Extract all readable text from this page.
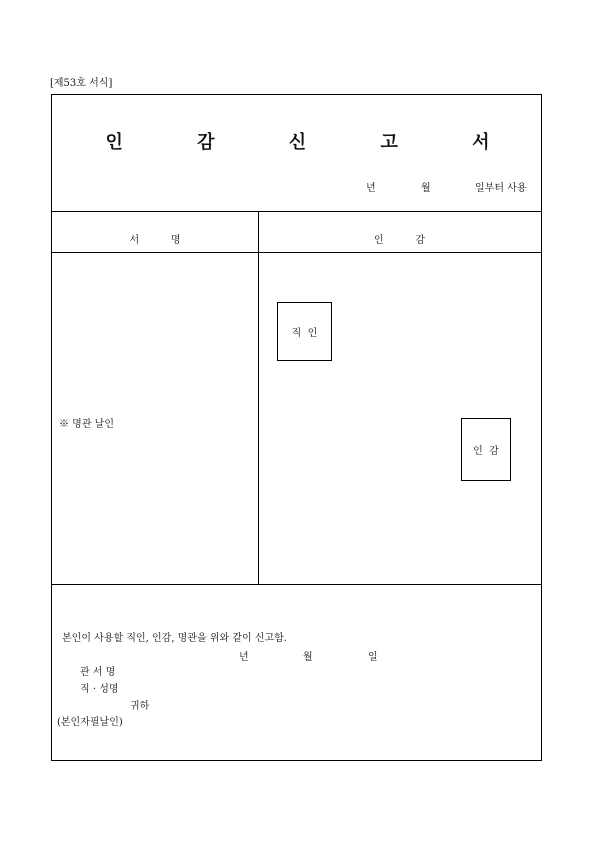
[제53호 서식]
인 감 신 고 서
년	월	일부터 사용
서          명	인          감
※ 명관 날인
직  인
인  감
본인이 사용할 직인, 인감, 명관을 위와 같이 신고함.
년	월	일
관 서 명
직 · 성명
귀하
(본인자필날인)
